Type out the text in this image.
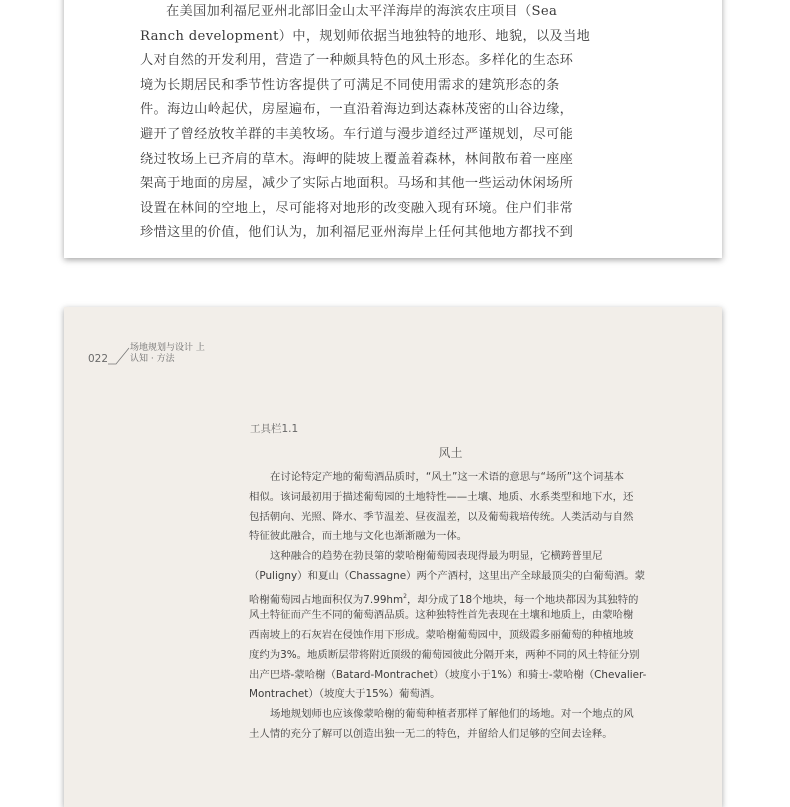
在美国加利福尼亚州北部旧金山太平洋海岸的海滨农庄项目（Sea
Ranch development）中，规划师依据当地独特的地形、地貌，以及当地
人对自然的开发利用，营造了一种颇具特色的风土形态。多样化的生态环
境为长期居民和季节性访客提供了可满足不同使用需求的建筑形态的条
件。海边山岭起伏，房屋遍布，一直沿着海边到达森林茂密的山谷边缘，
避开了曾经放牧羊群的丰美牧场。车行道与漫步道经过严谨规划，尽可能
绕过牧场上已齐肩的草木。海岬的陡坡上覆盖着森林，林间散布着一座座
架高于地面的房屋，减少了实际占地面积。马场和其他一些运动休闲场所
设置在林间的空地上，尽可能将对地形的改变融入现有环境。住户们非常
珍惜这里的价值，他们认为，加利福尼亚州海岸上任何其他地方都找不到
022
场地规划与设计 上
认知 · 方法
工具栏1.1
风土
在讨论特定产地的葡萄酒品质时，“风土”这一术语的意思与“场所”这个词基本
相似。该词最初用于描述葡萄园的土地特性——土壤、地质、水系类型和地下水，还
包括朝向、光照、降水、季节温差、昼夜温差，以及葡萄栽培传统。人类活动与自然
特征彼此融合，而土地与文化也渐渐融为一体。
这种融合的趋势在勃艮第的蒙哈榭葡萄园表现得最为明显，它横跨普里尼
（Puligny）和夏山（Chassagne）两个产酒村，这里出产全球最顶尖的白葡萄酒。蒙
哈榭葡萄园占地面积仅为$7.99hm^2$，却分成了18个地块，每一个地块都因为其独特的
风土特征而产生不同的葡萄酒品质。这种独特性首先表现在土壤和地质上，由蒙哈榭
西南坡上的石灰岩在侵蚀作用下形成。蒙哈榭葡萄园中，顶级霞多丽葡萄的种植地坡
度约为3%。地质断层带将附近顶级的葡萄园彼此分隔开来，两种不同的风土特征分别
出产巴塔-蒙哈榭（Batard-Montrachet）（坡度小于1%）和骑士-蒙哈榭（Chevalier-
Montrachet）（坡度大于15%）葡萄酒。
场地规划师也应该像蒙哈榭的葡萄种植者那样了解他们的场地。对一个地点的风
土人情的充分了解可以创造出独一无二的特色，并留给人们足够的空间去诠释。
